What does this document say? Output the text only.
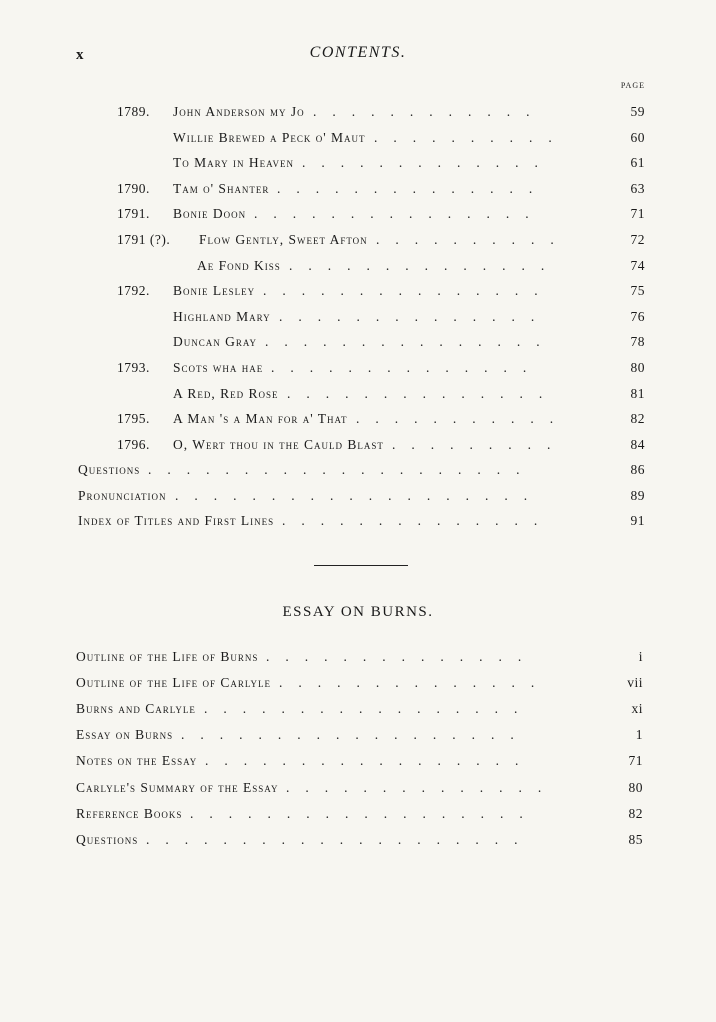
x	CONTENTS.
PAGE
1789. John Anderson my Jo ............	59
Willie Brewed a Peck o' Maut ..........	60
To Mary in Heaven .............	61
1790. Tam o' Shanter ..............	63
1791. Bonie Doon ...............	71
1791 (?). Flow Gently, Sweet Afton ..........	72
Ae Fond Kiss ..............	74
1792. Bonie Lesley ...............	75
Highland Mary ..............	76
Duncan Gray ...............	78
1793. Scots wha hae ..............	80
A Red, Red Rose ..............	81
1795. A Man 's a Man for a' That ...........	82
1796. O, Wert thou in the Cauld Blast .........	84
Questions ....................	86
Pronunciation ...................	89
Index of Titles and First Lines ..............	91
ESSAY ON BURNS.
Outline of the Life of Burns ..............	i
Outline of the Life of Carlyle ..............	vii
Burns and Carlyle .................	xi
Essay on Burns ..................	1
Notes on the Essay .................	71
Carlyle's Summary of the Essay ..............	80
Reference Books ..................	82
Questions ....................	85
